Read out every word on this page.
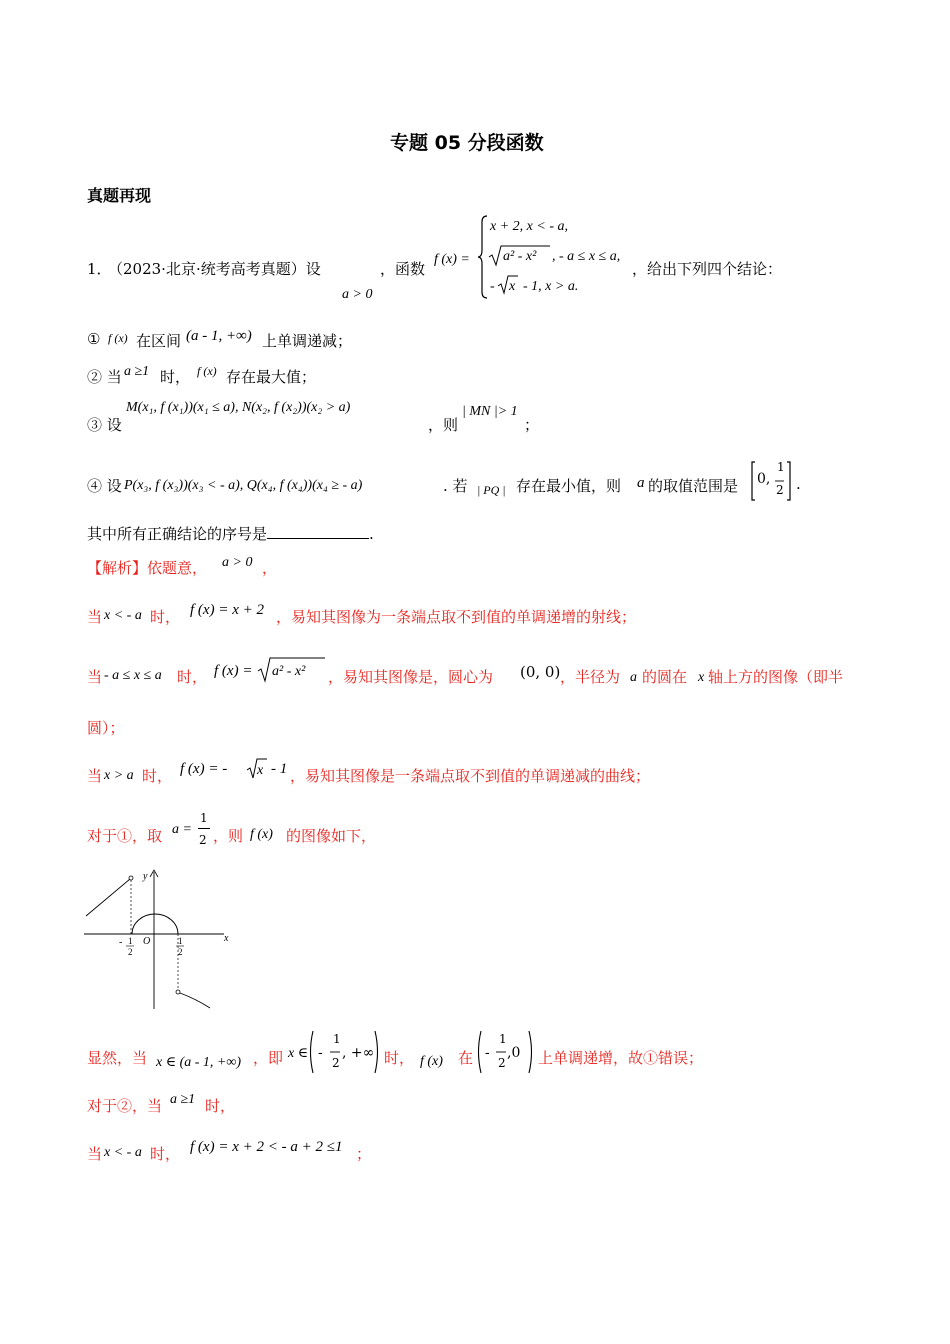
专题 05 分段函数
真题再现
1．
（2023·北京·统考高考真题）设
a > 0
，函数
f (x) =
x + 2, x < - a,
a² - x² , - a ≤ x ≤ a,
- x - 1, x > a.
，给出下列四个结论：
① f (x) 在区间 (a - 1, +∞) 上单调递减；
② 当 a ≥1 时， f (x) 存在最大值；
③ 设
M(x₁, f (x₁))(x₁ ≤ a), N(x₂, f (x₂))(x₂ > a)
，则
| MN |> 1
；
④ 设 P(x₃, f (x₃))(x₃ < - a), Q(x₄, f (x₄))(x₄ ≥ - a)	. 若 | PQ | 存在最小值，则 a 的取值范围是 0,
1
2 .
其中所有正确结论的序号是	.
【解析】依题意， a > 0 ，
当 x < - a 时， f (x) = x + 2 ，易知其图像为一条端点取不到值的单调递增的射线；
当 - a ≤ x ≤ a 时， f (x) = a² - x² ，易知其图像是，圆心为 (0, 0) ，半径为 a 的圆在 x 轴上方的图像（即半
圆）；
当 x > a 时， f (x) = - x - 1 ，易知其图像是一条端点取不到值的单调递减的曲线；
对于①，取 a =
1
2 ，则 f (x) 的图像如下，
y
x
O
- 1
2
1
2
显然，当 x ∈ (a - 1, +∞) ，即 x ∈ -
1
2
, +∞ 时， f (x) 在 -
1
2
,0 上单调递增，故①错误；
对于②，当 a ≥1 时，
当 x < - a 时， f (x) = x + 2 < - a + 2 ≤1 ；
